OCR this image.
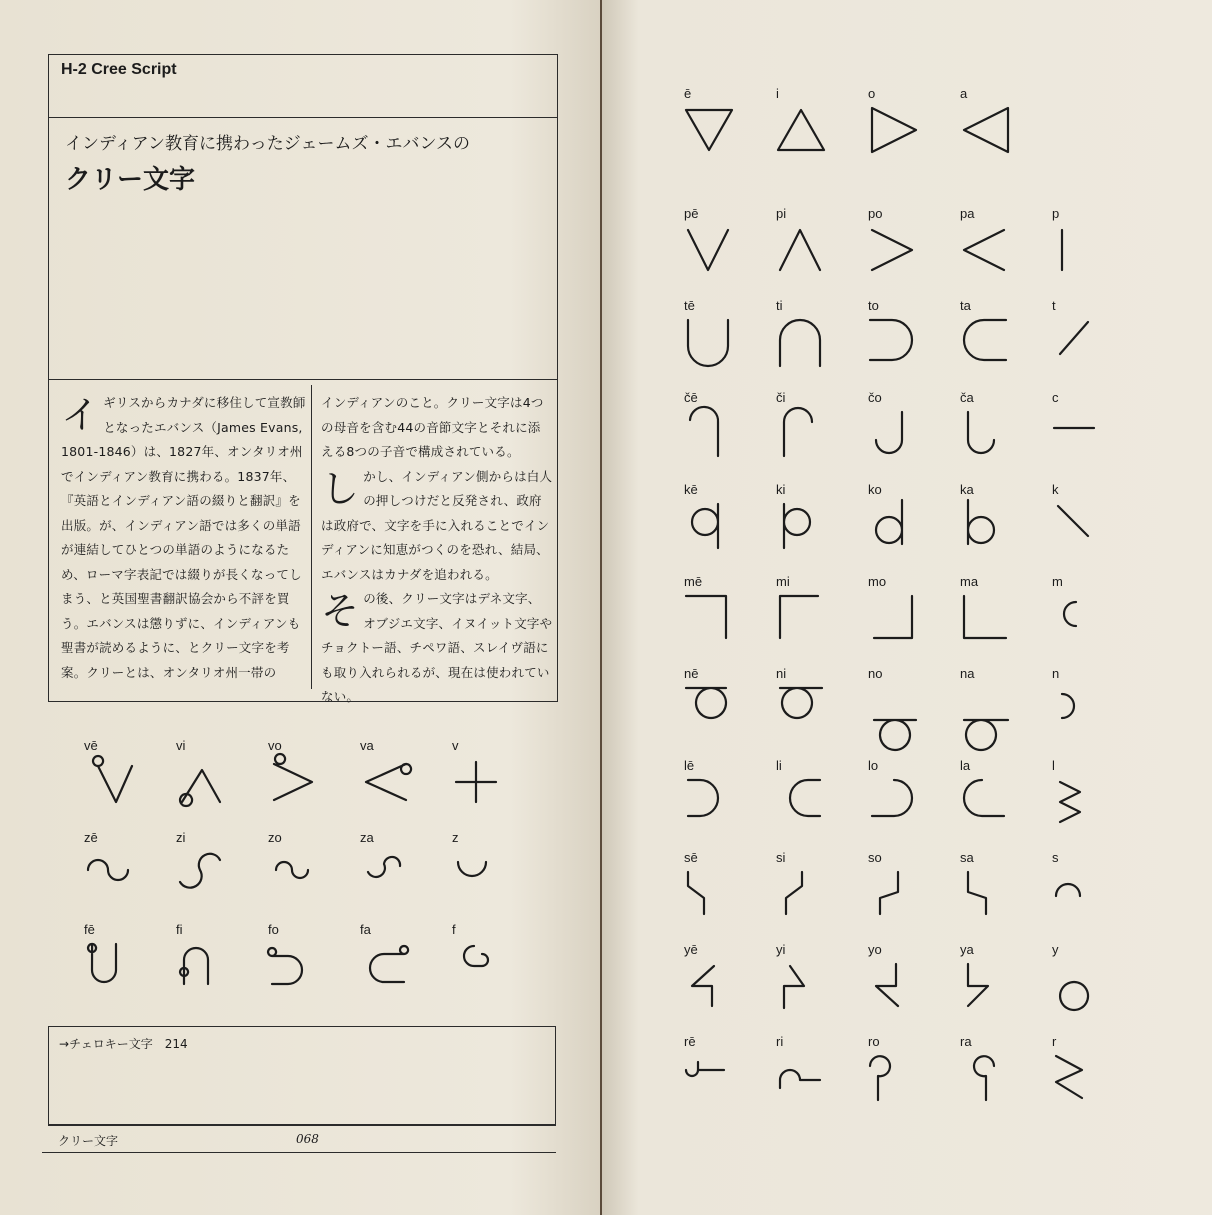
H-2 Cree Script
インディアン教育に携わったジェームズ・エバンスの
クリー文字
イギリスからカナダに移住して宣教師となったエバンス（James Evans, 1801-1846）は、1827年、オンタリオ州でインディアン教育に携わる。1837年、『英語とインディアン語の綴りと翻訳』を出版。が、インディアン語では多くの単語が連結してひとつの単語のようになるため、ローマ字表記では綴りが長くなってしまう、と英国聖書翻訳協会から不評を買う。エバンスは懲りずに、インディアンも聖書が読めるように、とクリー文字を考案。クリーとは、オンタリオ州一帯の
インディアンのこと。クリー文字は4つの母音を含む44の音節文字とそれに添える8つの子音で構成されている。

し かし、インディアン側からは白人の押しつけだと反発され、政府は政府で、文字を手に入れることでインディアンに知恵がつくのを恐れ、結局、エバンスはカナダを追われる。

そ の後、クリー文字はデネ文字、オブジエ文字、イヌイット文字やチョクトー語、チペワ語、スレイヴ語にも取り入れられるが、現在は使われていない。
vē	vi	vo	va	v
zē	zi	zo	za	z
fē	fi	fo	fa	f
ē	i	o	a
pē	pi	po	pa	p
tē	ti	to	ta	t
čē	či	čo	ča	c
kē	ki	ko	ka	k
mē	mi	mo	ma	m
nē	ni	no	na	n
lē	li	lo	la	l
sē	si	so	sa	s
yē	yi	yo	ya	y
rē	ri	ro	ra	r
→チェロキー文字　214
クリー文字	068
